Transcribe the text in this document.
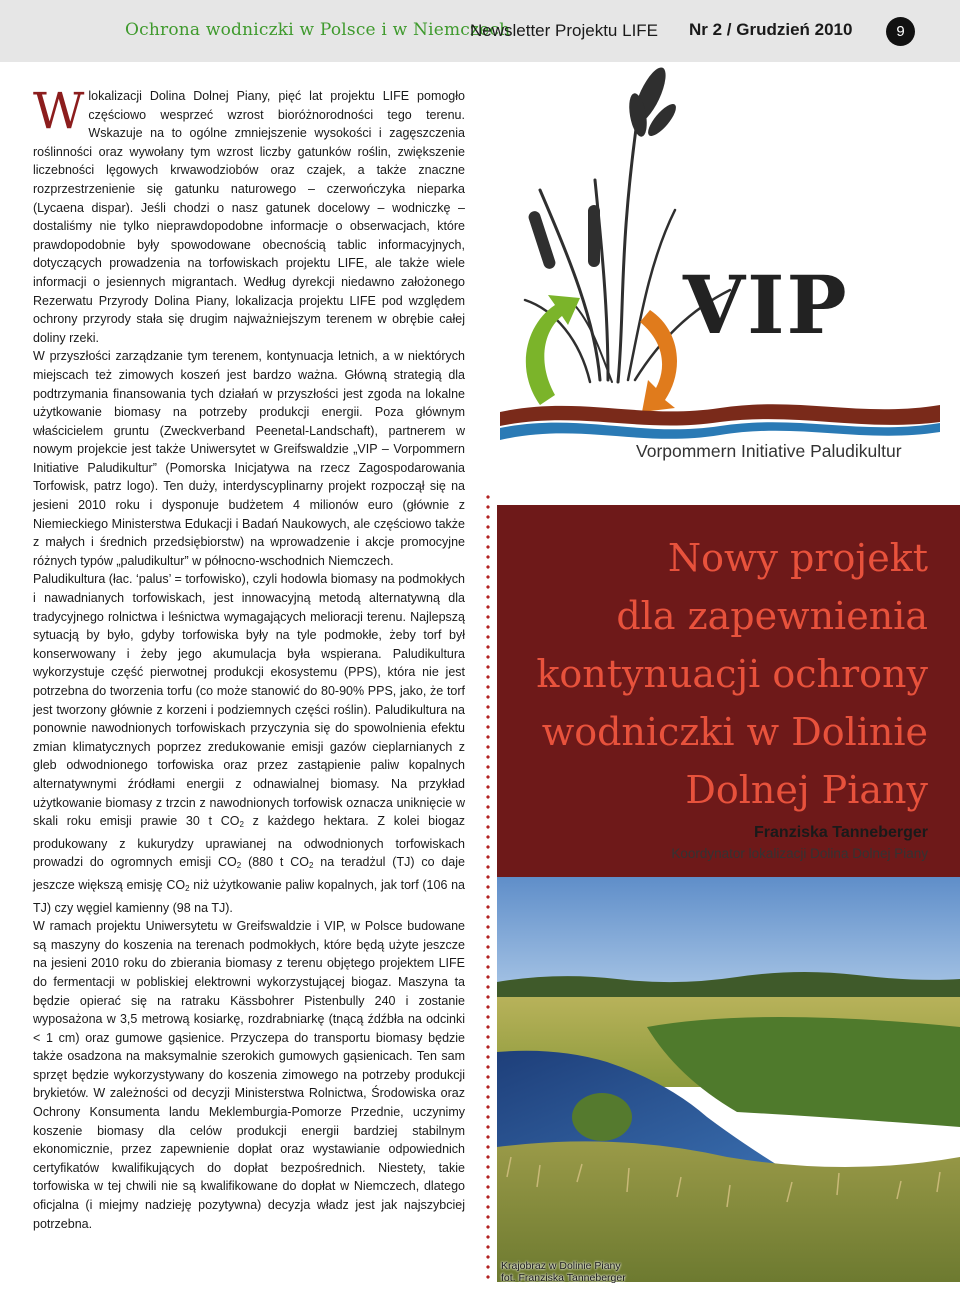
Ochrona wodniczki w Polsce i w Niemczech
Newsletter Projektu LIFE Nr 2 / Grudzień 2010	9

Wlokalizacji Dolina Dolnej Piany, pięć lat projektu LIFE pomogło częściowo wesprzeć wzrost bioróżnorodności tego terenu. Wskazuje na to ogólne zmniejszenie wysokości i zagęszczenia roślinności oraz wywołany tym wzrost liczby gatunków roślin, zwiększenie liczebności lęgowych krwawodziobów oraz czajek, a także znaczne rozprzestrzenienie się gatunku naturowego – czerwończyka nieparka (Lycaena dispar). Jeśli chodzi o nasz gatunek docelowy – wodniczkę – dostaliśmy nie tylko nieprawdopodobne informacje o obserwacjach, które prawdopodobnie były spowodowane obecnością tablic informacyjnych, dotyczących prowadzenia na torfowiskach projektu LIFE, ale także wiele informacji o jesiennych migrantach. Według dyrekcji niedawno założonego Rezerwatu Przyrody Dolina Piany, lokalizacja projektu LIFE pod względem ochrony przyrody stała się drugim najważniejszym terenem w obrębie całej doliny rzeki.

W przyszłości zarządzanie tym terenem, kontynuacja letnich, a w niektórych miejscach też zimowych koszeń jest bardzo ważna. Główną strategią dla podtrzymania finansowania tych działań w przyszłości jest zgoda na lokalne użytkowanie biomasy na potrzeby produkcji energii. Poza głównym właścicielem gruntu (Zweckverband Peenetal-Landschaft), partnerem w nowym projekcie jest także Uniwersytet w Greifswaldzie „VIP – Vorpommern Initiative Paludikultur” (Pomorska Inicjatywa na rzecz Zagospodarowania Torfowisk, patrz logo). Ten duży, interdyscyplinarny projekt rozpoczął się na jesieni 2010 roku i dysponuje budżetem 4 milionów euro (głównie z Niemieckiego Ministerstwa Edukacji i Badań Naukowych, ale częściowo także z małych i średnich przedsiębiorstw) na wprowadzenie i akcje promocyjne różnych typów „paludikultur” w północno-wschodnich Niemczech.

Paludikultura (łac. ‘palus’ = torfowisko), czyli hodowla biomasy na podmokłych i nawadnianych torfowiskach, jest innowacyjną metodą alternatywną dla tradycyjnego rolnictwa i leśnictwa wymagających melioracji terenu. Najlepszą sytuacją by było, gdyby torfowiska były na tyle podmokłe, żeby torf był konserwowany i żeby jego akumulacja była wspierana. Paludikultura wykorzystuje część pierwotnej produkcji ekosystemu (PPS), która nie jest potrzebna do tworzenia torfu (co może stanowić do 80-90% PPS, jako, że torf jest tworzony głównie z korzeni i podziemnych części roślin). Paludikultura na ponownie nawodnionych torfowiskach przyczynia się do spowolnienia efektu zmian klimatycznych poprzez zredukowanie emisji gazów cieplarnianych z gleb odwodnionego torfowiska oraz przez zastąpienie paliw kopalnych alternatywnymi źródłami energii z odnawialnej biomasy. Na przykład użytkowanie biomasy z trzcin z nawodnionych torfowisk oznacza uniknięcie w skali roku emisji prawie 30 t $CO_2$ z każdego hektara. Z kolei biogaz produkowany z kukurydzy uprawianej na odwodnionych torfowiskach prowadzi do ogromnych emisji $CO_2$ (880 t $CO_2$ na teradżul (TJ) co daje jeszcze większą emisję $CO_2$ niż użytkowanie paliw kopalnych, jak torf (106 na TJ) czy węgiel kamienny (98 na TJ).

W ramach projektu Uniwersytetu w Greifswaldzie i VIP, w Polsce budowane są maszyny do koszenia na terenach podmokłych, które będą użyte jeszcze na jesieni 2010 roku do zbierania biomasy z terenu objętego projektem LIFE do fermentacji w pobliskiej elektrowni wykorzystującej biogaz. Maszyna ta będzie opierać się na ratraku Kässbohrer Pistenbully 240 i zostanie wyposażona w 3,5 metrową kosiarkę, rozdrabniarkę (tnącą źdźbła na odcinki < 1 cm) oraz gumowe gąsienice. Przyczepa do transportu biomasy będzie także osadzona na maksymalnie szerokich gumowych gąsienicach. Ten sam sprzęt będzie wykorzystywany do koszenia zimowego na potrzeby produkcji brykietów. W zależności od decyzji Ministerstwa Rolnictwa, Środowiska oraz Ochrony Konsumenta landu Meklemburgia-Pomorze Przednie, uczynimy koszenie biomasy dla celów produkcji energii bardziej stabilnym ekonomicznie, przez zapewnienie dopłat oraz wystawianie odpowiednich certyfikatów kwalifikujących do dopłat bezpośrednich. Niestety, takie torfowiska w tej chwili nie są kwalifikowane do dopłat w Niemczech, dlatego oficjalna (i miejmy nadzieję pozytywna) decyzja władz jest jak najszybciej potrzebna.

VIP
Vorpommern Initiative Paludikultur
Nowy projekt
dla zapewnienia
kontynuacji ochrony
wodniczki w Dolinie
Dolnej Piany
Franziska Tanneberger
Koordynator lokalizacji Dolina Dolnej Piany
Krajobraz w Dolinie Piany
fot. Franziska Tanneberger
